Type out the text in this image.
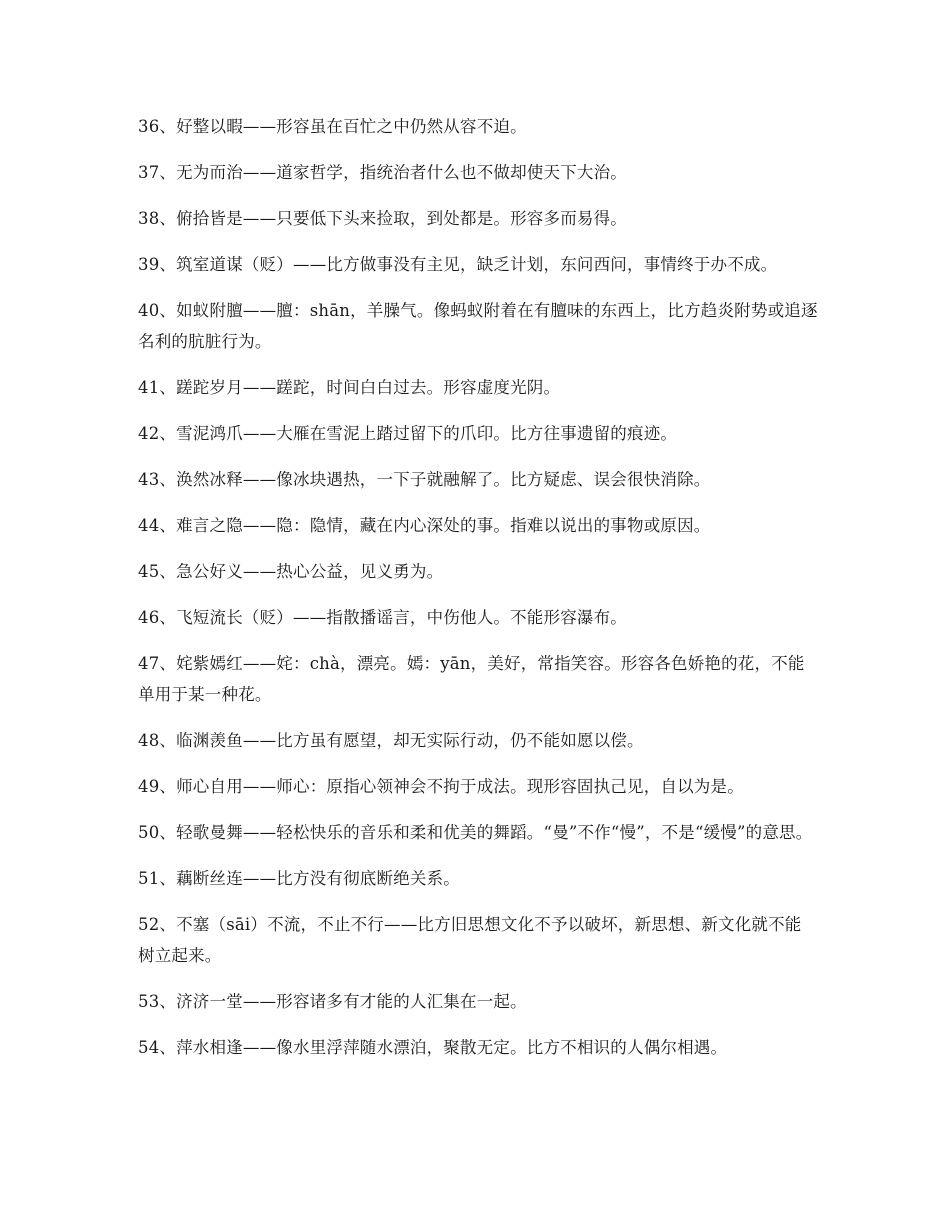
36、好整以暇——形容虽在百忙之中仍然从容不迫。
37、无为而治——道家哲学，指统治者什么也不做却使天下大治。
38、俯拾皆是——只要低下头来捡取，到处都是。形容多而易得。
39、筑室道谋（贬）——比方做事没有主见，缺乏计划，东问西问，事情终于办不成。
40、如蚁附膻——膻：shān，羊臊气。像蚂蚁附着在有膻味的东西上，比方趋炎附势或追逐名利的肮脏行为。
41、蹉跎岁月——蹉跎，时间白白过去。形容虚度光阴。
42、雪泥鸿爪——大雁在雪泥上踏过留下的爪印。比方往事遗留的痕迹。
43、涣然冰释——像冰块遇热，一下子就融解了。比方疑虑、误会很快消除。
44、难言之隐——隐：隐情，藏在内心深处的事。指难以说出的事物或原因。
45、急公好义——热心公益，见义勇为。
46、飞短流长（贬）——指散播谣言，中伤他人。不能形容瀑布。
47、姹紫嫣红——姹：chà，漂亮。嫣：yān，美好，常指笑容。形容各色娇艳的花，不能单用于某一种花。
48、临渊羡鱼——比方虽有愿望，却无实际行动，仍不能如愿以偿。
49、师心自用——师心：原指心领神会不拘于成法。现形容固执己见，自以为是。
50、轻歌曼舞——轻松快乐的音乐和柔和优美的舞蹈。“曼”不作“慢”，不是“缓慢”的意思。
51、藕断丝连——比方没有彻底断绝关系。
52、不塞（sāi）不流，不止不行——比方旧思想文化不予以破坏，新思想、新文化就不能树立起来。
53、济济一堂——形容诸多有才能的人汇集在一起。
54、萍水相逢——像水里浮萍随水漂泊，聚散无定。比方不相识的人偶尔相遇。
